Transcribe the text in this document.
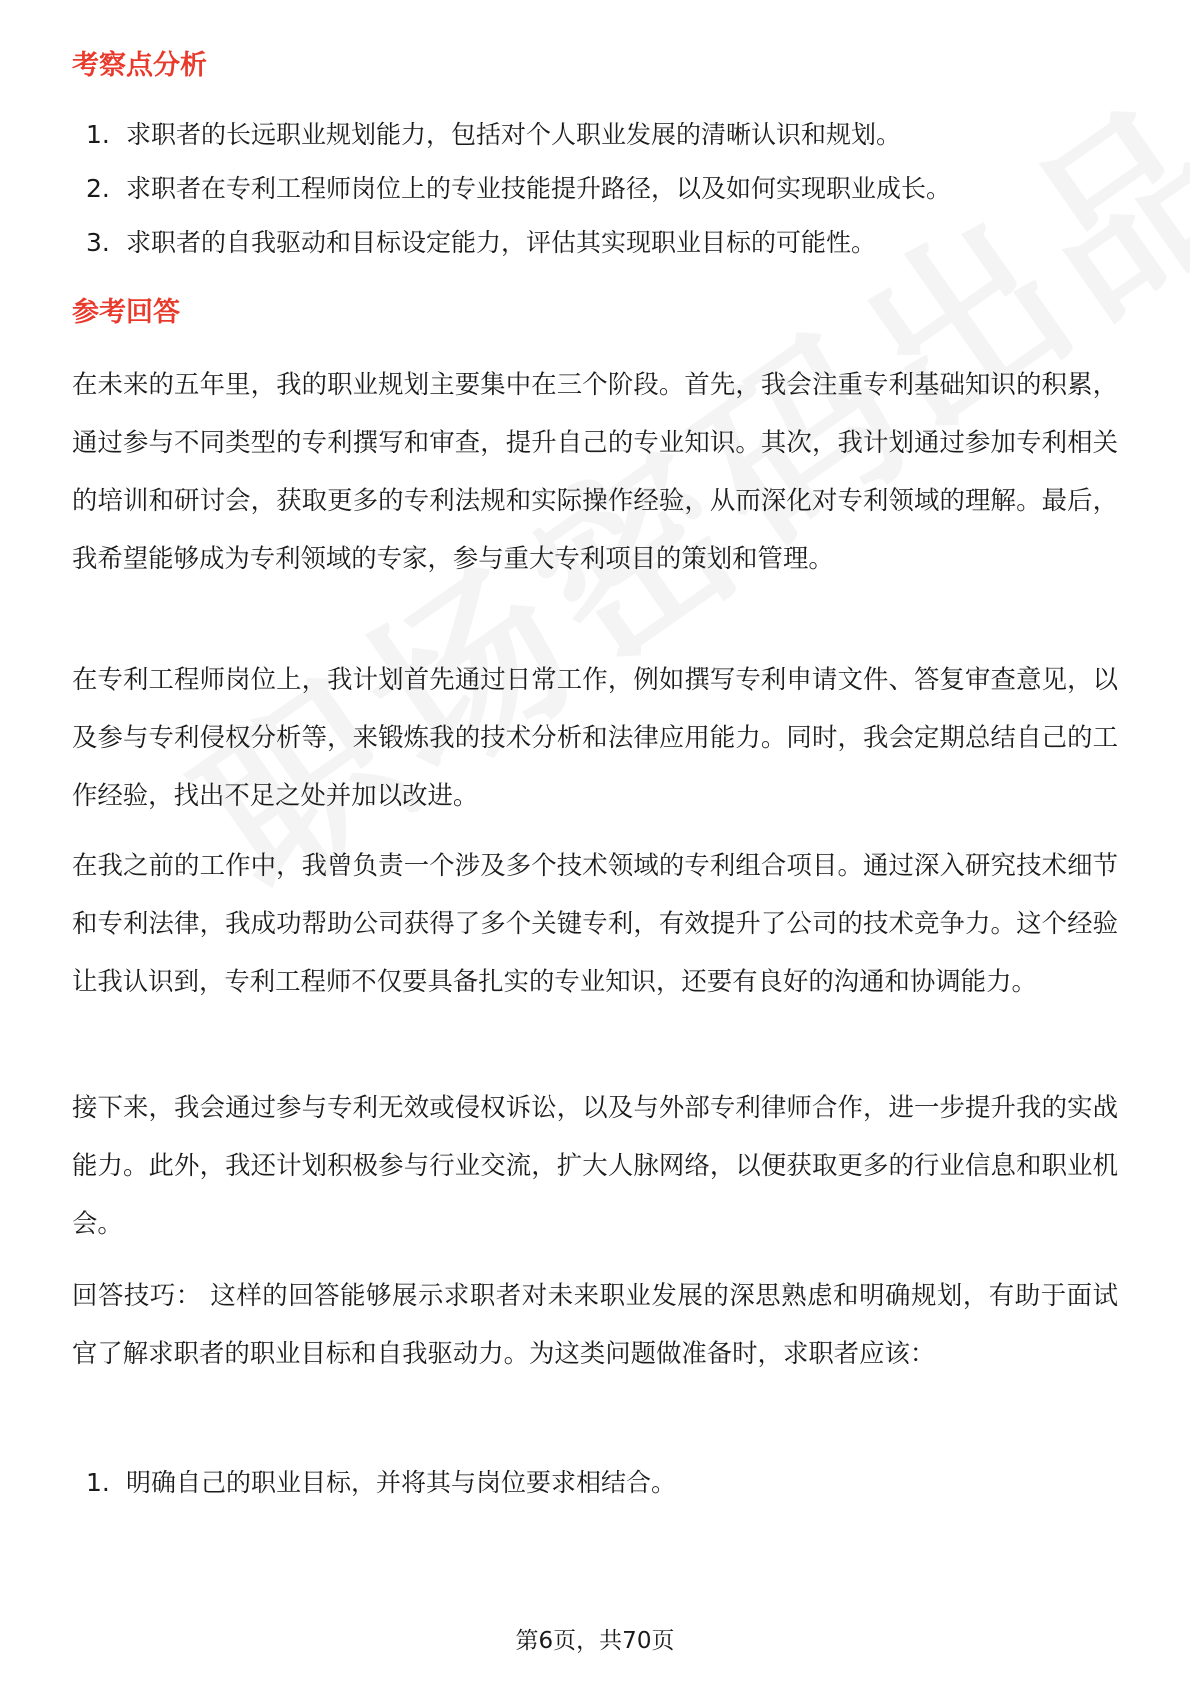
考察点分析
1. 求职者的长远职业规划能力，包括对个人职业发展的清晰认识和规划。
2. 求职者在专利工程师岗位上的专业技能提升路径，以及如何实现职业成长。
3. 求职者的自我驱动和目标设定能力，评估其实现职业目标的可能性。
参考回答
在未来的五年里，我的职业规划主要集中在三个阶段。首先，我会注重专利基础知识的积累，通过参与不同类型的专利撰写和审查，提升自己的专业知识。其次，我计划通过参加专利相关的培训和研讨会，获取更多的专利法规和实际操作经验，从而深化对专利领域的理解。最后，我希望能够成为专利领域的专家，参与重大专利项目的策划和管理。
在专利工程师岗位上，我计划首先通过日常工作，例如撰写专利申请文件、答复审查意见，以及参与专利侵权分析等，来锻炼我的技术分析和法律应用能力。同时，我会定期总结自己的工作经验，找出不足之处并加以改进。
在我之前的工作中，我曾负责一个涉及多个技术领域的专利组合项目。通过深入研究技术细节和专利法律，我成功帮助公司获得了多个关键专利，有效提升了公司的技术竞争力。这个经验让我认识到，专利工程师不仅要具备扎实的专业知识，还要有良好的沟通和协调能力。
接下来，我会通过参与专利无效或侵权诉讼，以及与外部专利律师合作，进一步提升我的实战能力。此外，我还计划积极参与行业交流，扩大人脉网络，以便获取更多的行业信息和职业机会。
回答技巧： 这样的回答能够展示求职者对未来职业发展的深思熟虑和明确规划，有助于面试官了解求职者的职业目标和自我驱动力。为这类问题做准备时，求职者应该：
1. 明确自己的职业目标，并将其与岗位要求相结合。
第6页，共70页
